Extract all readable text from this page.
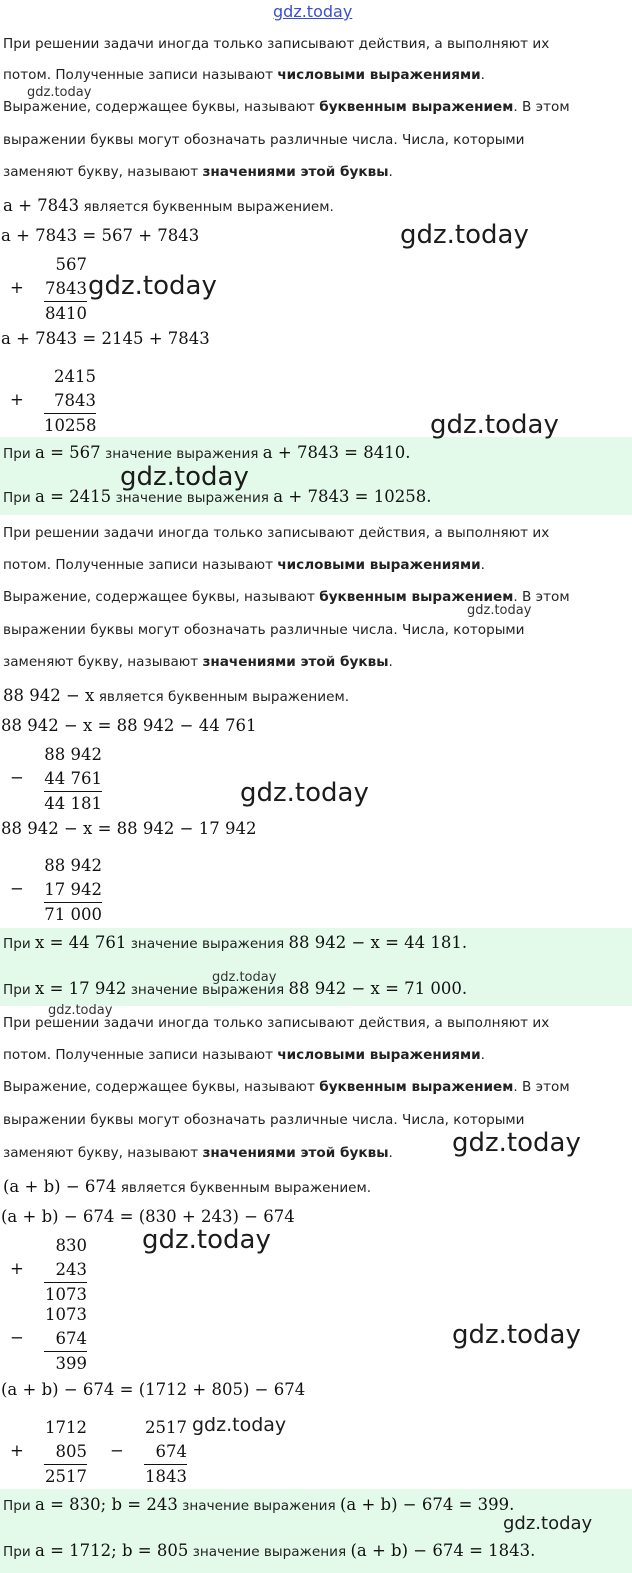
gdz.today
При решении задачи иногда только записывают действия, а выполняют их
потом. Полученные записи называют числовыми выражениями.
gdz.today
Выражение, содержащее буквы, называют буквенным выражением. В этом
выражении буквы могут обозначать различные числа. Числа, которыми
заменяют букву, называют значениями этой буквы.
a + 7843 является буквенным выражением.
a + 7843 = 567 + 7843	gdz.today
+
567
7843
8410
gdz.today
a + 7843 = 2145 + 7843
+
2415
7843
10258	gdz.today
При a = 567 значение выражения a + 7843 = 8410.
При a = 2415 значение выражения a + 7843 = 10258.
gdz.today
При решении задачи иногда только записывают действия, а выполняют их
потом. Полученные записи называют числовыми выражениями.
Выражение, содержащее буквы, называют буквенным выражением. В этом
gdz.today
выражении буквы могут обозначать различные числа. Числа, которыми
заменяют букву, называют значениями этой буквы.
88 942 − x является буквенным выражением.
88 942 − x = 88 942 − 44 761
−
88 942
44 761
44 181	gdz.today
88 942 − x = 88 942 − 17 942
−
88 942
17 942
71 000
При x = 44 761 значение выражения 88 942 − x = 44 181.
gdz.today
При x = 17 942 значение выражения 88 942 − x = 71 000.
gdz.today
При решении задачи иногда только записывают действия, а выполняют их
потом. Полученные записи называют числовыми выражениями.
Выражение, содержащее буквы, называют буквенным выражением. В этом
выражении буквы могут обозначать различные числа. Числа, которыми
заменяют букву, называют значениями этой буквы. gdz.today
(a + b) − 674 является буквенным выражением.
(a + b) − 674 = (830 + 243) − 674
+
830
243
1073
gdz.today
−
1073
674
399
gdz.today
(a + b) − 674 = (1712 + 805) − 674
+
1712
805
2517
−
2517
674
1843
gdz.today
При a = 830; b = 243 значение выражения (a + b) − 674 = 399.
gdz.today
При a = 1712; b = 805 значение выражения (a + b) − 674 = 1843.
